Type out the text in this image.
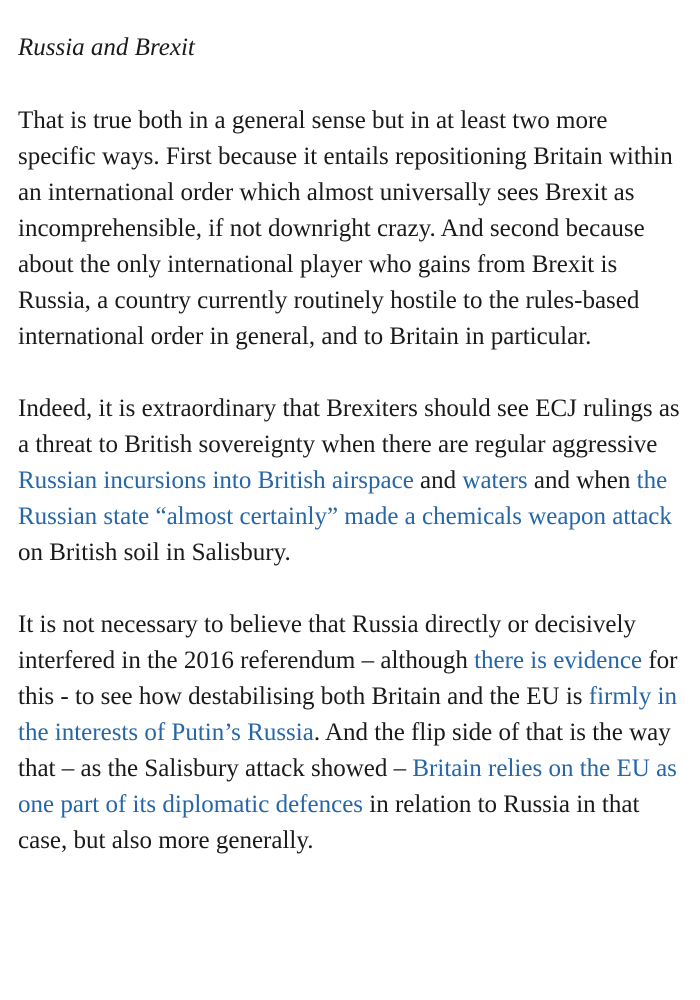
Russia and Brexit

That is true both in a general sense but in at least two more specific ways. First because it entails repositioning Britain within an international order which almost universally sees Brexit as incomprehensible, if not downright crazy. And second because about the only international player who gains from Brexit is Russia, a country currently routinely hostile to the rules-based international order in general, and to Britain in particular.

Indeed, it is extraordinary that Brexiters should see ECJ rulings as a threat to British sovereignty when there are regular aggressive Russian incursions into British airspace and waters and when the Russian state “almost certainly” made a chemicals weapon attack on British soil in Salisbury.

It is not necessary to believe that Russia directly or decisively interfered in the 2016 referendum – although there is evidence for this - to see how destabilising both Britain and the EU is firmly in the interests of Putin’s Russia. And the flip side of that is the way that – as the Salisbury attack showed – Britain relies on the EU as one part of its diplomatic defences in relation to Russia in that case, but also more generally.
